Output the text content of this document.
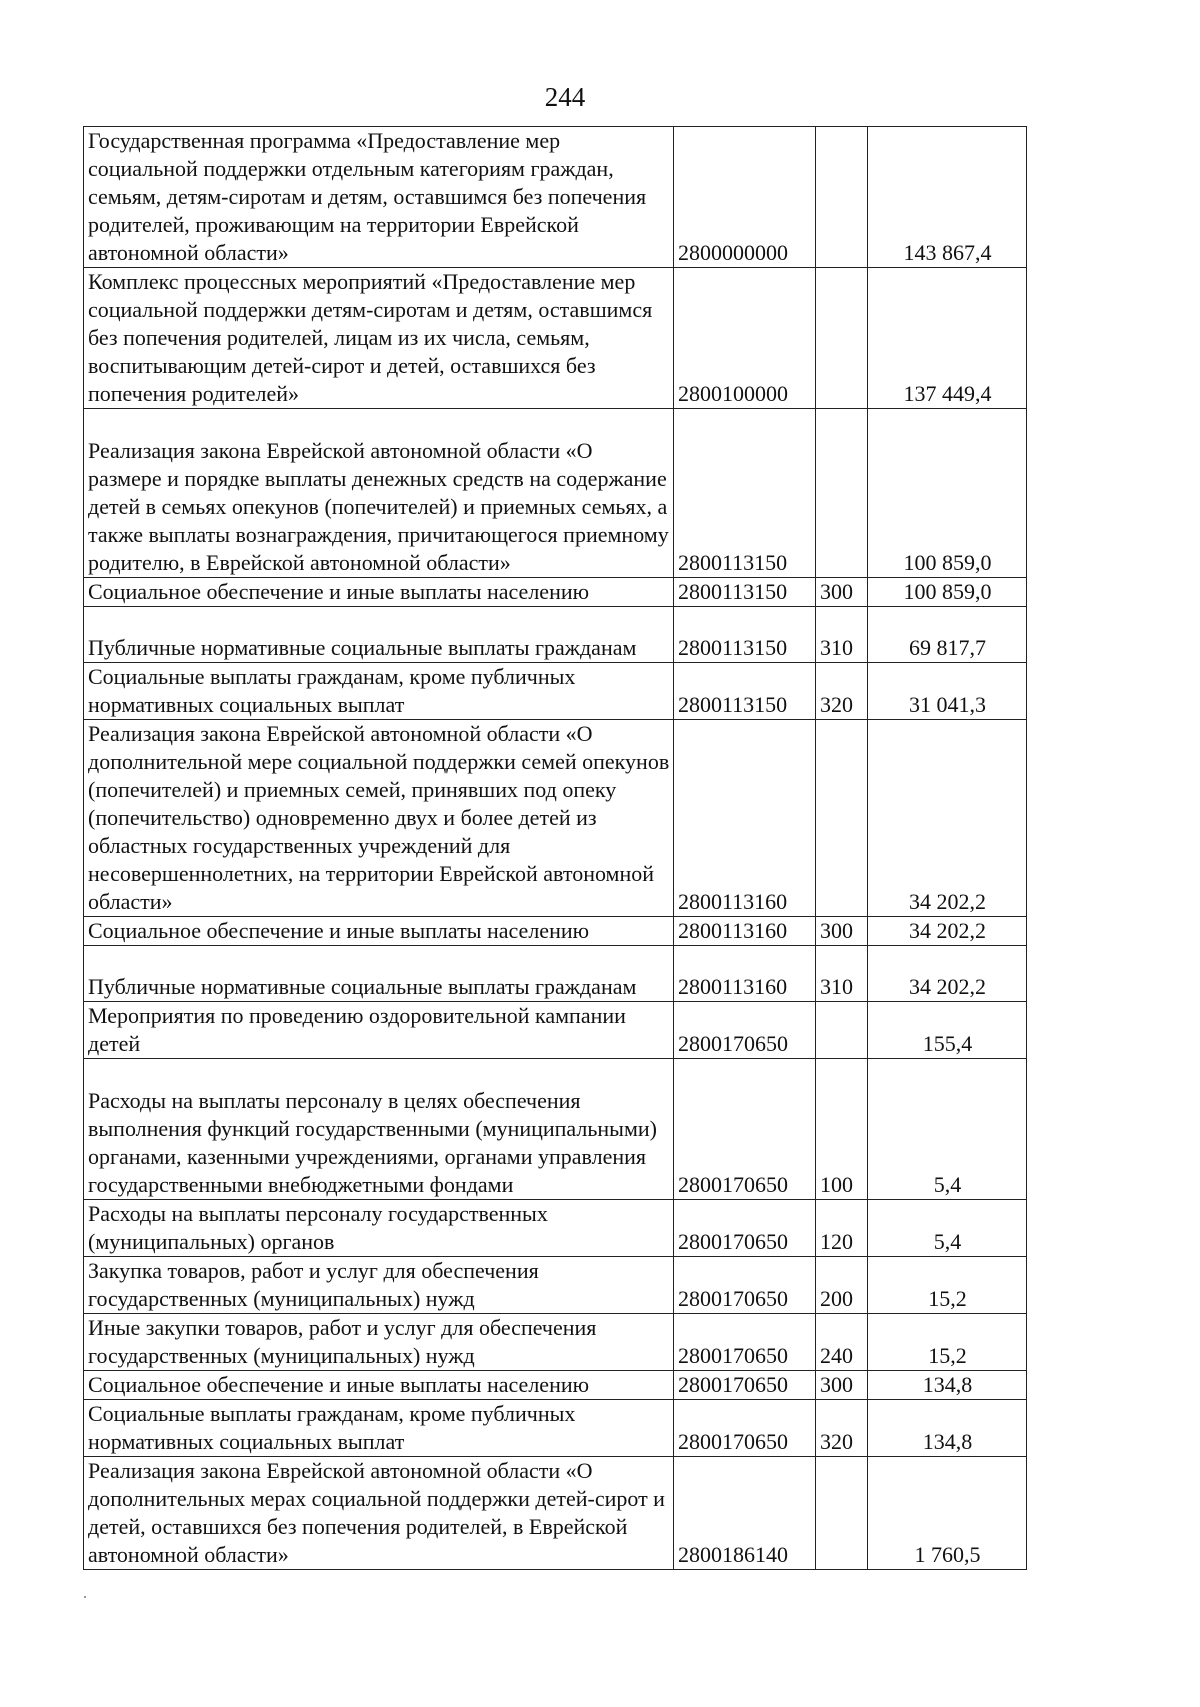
244
Государственная программа «Предоставление мер социальной поддержки отдельным категориям граждан, семьям, детям-сиротам и детям, оставшимся без попечения родителей, проживающим на территории Еврейской автономной области»	2800000000		143 867,4
Комплекс процессных мероприятий «Предоставление мер социальной поддержки детям-сиротам и детям, оставшимся без попечения родителей, лицам из их числа, семьям, воспитывающим детей-сирот и детей, оставшихся без попечения родителей»	2800100000		137 449,4
Реализация закона Еврейской автономной области «О размере и порядке выплаты денежных средств на содержание детей в семьях опекунов (попечителей) и приемных семьях, а также выплаты вознаграждения, причитающегося приемному родителю, в Еврейской автономной области»	2800113150		100 859,0
Социальное обеспечение и иные выплаты населению	2800113150	300	100 859,0
Публичные нормативные социальные выплаты гражданам	2800113150	310	69 817,7
Социальные выплаты гражданам, кроме публичных нормативных социальных выплат	2800113150	320	31 041,3
Реализация закона Еврейской автономной области «О дополнительной мере социальной поддержки семей опекунов (попечителей) и приемных семей, принявших под опеку (попечительство) одновременно двух и более детей из областных государственных учреждений для несовершеннолетних, на территории Еврейской автономной области»	2800113160		34 202,2
Социальное обеспечение и иные выплаты населению	2800113160	300	34 202,2
Публичные нормативные социальные выплаты гражданам	2800113160	310	34 202,2
Мероприятия по проведению оздоровительной кампании детей	2800170650		155,4
Расходы на выплаты персоналу в целях обеспечения выполнения функций государственными (муниципальными) органами, казенными учреждениями, органами управления государственными внебюджетными фондами	2800170650	100	5,4
Расходы на выплаты персоналу государственных (муниципальных) органов	2800170650	120	5,4
Закупка товаров, работ и услуг для обеспечения государственных (муниципальных) нужд	2800170650	200	15,2
Иные закупки товаров, работ и услуг для обеспечения государственных (муниципальных) нужд	2800170650	240	15,2
Социальное обеспечение и иные выплаты населению	2800170650	300	134,8
Социальные выплаты гражданам, кроме публичных нормативных социальных выплат	2800170650	320	134,8
Реализация закона Еврейской автономной области «О дополнительных мерах социальной поддержки детей-сирот и детей, оставшихся без попечения родителей, в Еврейской автономной области»	2800186140		1 760,5
